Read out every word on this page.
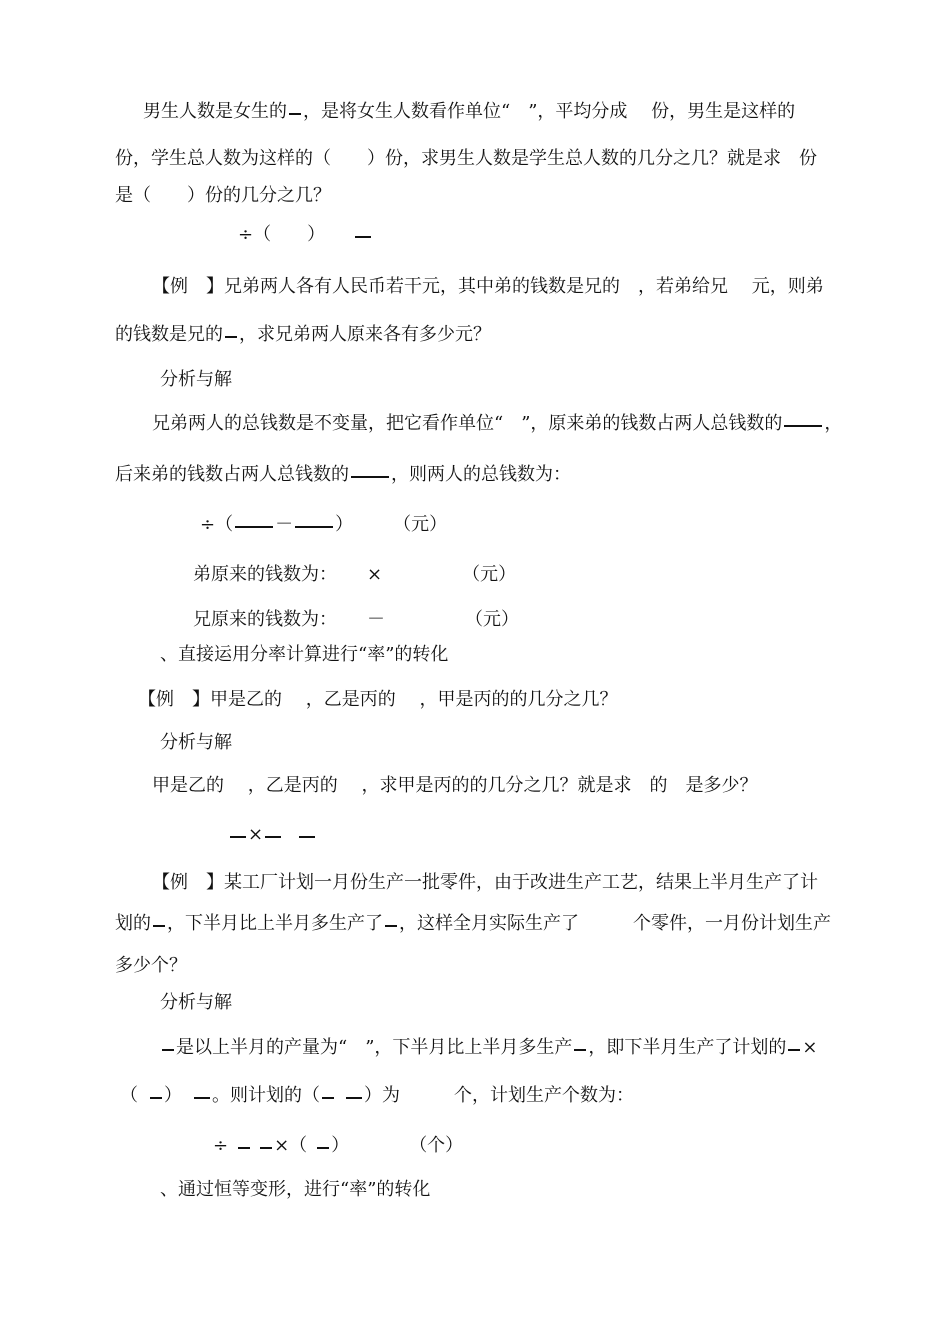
男生人数是女生的 ，是将女生人数看作单位“　”，平均分成　 份，男生是这样的
份，学生总人数为这样的（　　）份，求男生人数是学生总人数的几分之几？就是求　份
是（　　）份的几分之几？
÷（　　）
【例　】兄弟两人各有人民币若干元，其中弟的钱数是兄的　，若弟给兄　 元，则弟
的钱数是兄的 ，求兄弟两人原来各有多少元？
分析与解
兄弟两人的总钱数是不变量，把它看作单位“　”，原来弟的钱数占两人总钱数的 ，
后来弟的钱数占两人总钱数的 ，则两人的总钱数为：
÷（ － ） （元）
弟原来的钱数为： ×	（元）
兄原来的钱数为： －	（元）
、直接运用分率计算进行“率”的转化
【例　】甲是乙的　 ，乙是丙的　 ，甲是丙的的几分之几？
分析与解
甲是乙的　 ，乙是丙的　 ，求甲是丙的的几分之几？就是求　的　是多少？
×
【例　】某工厂计划一月份生产一批零件，由于改进生产工艺，结果上半月生产了计
划的 ，下半月比上半月多生产了 ，这样全月实际生产了　　　个零件，一月份计划生产
多少个？
分析与解
是以上半月的产量为“　”，下半月比上半月多生产 ，即下半月生产了计划的 ×
（ ） 。则计划的（ ）为　　　个，计划生产个数为：
÷	×（ ）	（个）
、通过恒等变形，进行“率”的转化
